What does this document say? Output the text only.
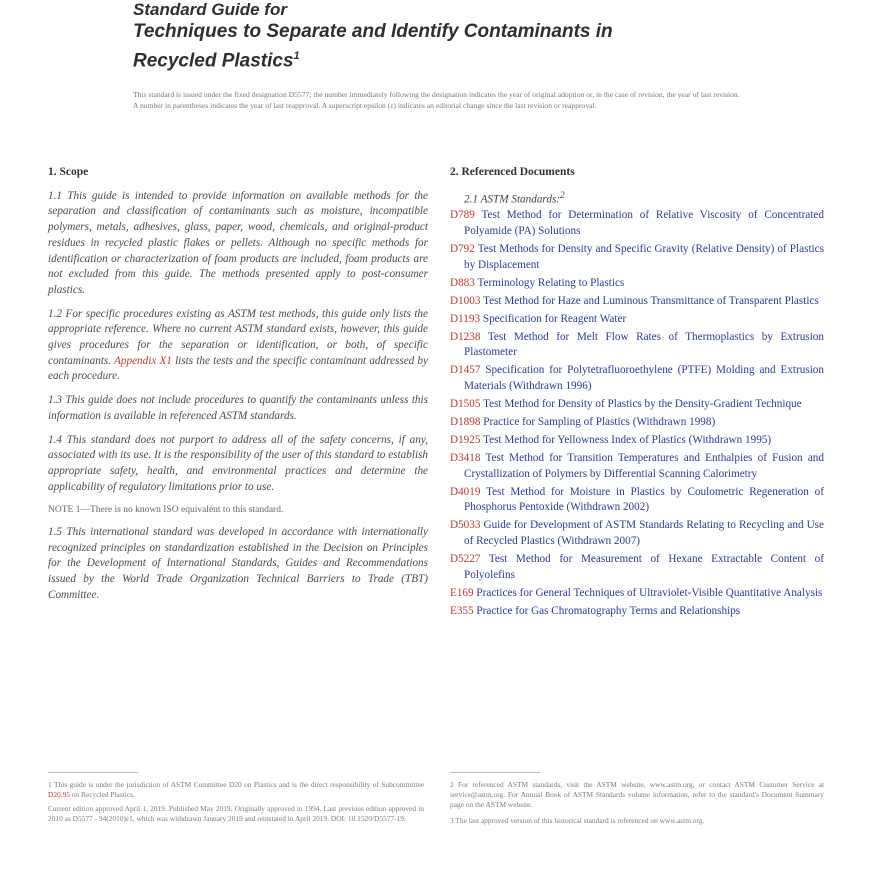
Standard Guide for
Techniques to Separate and Identify Contaminants in
Recycled Plastics$^1$
This standard is issued under the fixed designation D5577; the number immediately following the designation indicates the year of original adoption or, in the case of revision, the year of last revision. A number in parentheses indicates the year of last reapproval. A superscript epsilon (ε) indicates an editorial change since the last revision or reapproval.
1. Scope
1.1 This guide is intended to provide information on available methods for the separation and classification of contaminants such as moisture, incompatible polymers, metals, adhesives, glass, paper, wood, chemicals, and original-product residues in recycled plastic flakes or pellets. Although no specific methods for identification or characterization of foam products are included, foam products are not excluded from this guide. The methods presented apply to post-consumer plastics.
1.2 For specific procedures existing as ASTM test methods, this guide only lists the appropriate reference. Where no current ASTM standard exists, however, this guide gives procedures for the separation or identification, or both, of specific contaminants. Appendix X1 lists the tests and the specific contaminant addressed by each procedure.
1.3 This guide does not include procedures to quantify the contaminants unless this information is available in referenced ASTM standards.
1.4 This standard does not purport to address all of the safety concerns, if any, associated with its use. It is the responsibility of the user of this standard to establish appropriate safety, health, and environmental practices and determine the applicability of regulatory limitations prior to use.
NOTE 1—There is no known ISO equivalent to this standard.
1.5 This international standard was developed in accordance with internationally recognized principles on standardization established in the Decision on Principles for the Development of International Standards, Guides and Recommendations issued by the World Trade Organization Technical Barriers to Trade (TBT) Committee.
2. Referenced Documents
2.1 ASTM Standards:$^2$
D789 Test Method for Determination of Relative Viscosity of Concentrated Polyamide (PA) Solutions
D792 Test Methods for Density and Specific Gravity (Relative Density) of Plastics by Displacement
D883 Terminology Relating to Plastics
D1003 Test Method for Haze and Luminous Transmittance of Transparent Plastics
D1193 Specification for Reagent Water
D1238 Test Method for Melt Flow Rates of Thermoplastics by Extrusion Plastometer
D1457 Specification for Polytetrafluoroethylene (PTFE) Molding and Extrusion Materials (Withdrawn 1996)
D1505 Test Method for Density of Plastics by the Density-Gradient Technique
D1898 Practice for Sampling of Plastics (Withdrawn 1998)
D1925 Test Method for Yellowness Index of Plastics (Withdrawn 1995)
D3418 Test Method for Transition Temperatures and Enthalpies of Fusion and Crystallization of Polymers by Differential Scanning Calorimetry
D4019 Test Method for Moisture in Plastics by Coulometric Regeneration of Phosphorus Pentoxide (Withdrawn 2002)
D5033 Guide for Development of ASTM Standards Relating to Recycling and Use of Recycled Plastics (Withdrawn 2007)
D5227 Test Method for Measurement of Hexane Extractable Content of Polyolefins
E169 Practices for General Techniques of Ultraviolet-Visible Quantitative Analysis
E355 Practice for Gas Chromatography Terms and Relationships
1 This guide is under the jurisdiction of ASTM Committee D20 on Plastics and is the direct responsibility of Subcommittee D20.95 on Recycled Plastics.
Current edition approved April 1, 2019. Published May 2019. Originally approved in 1994. Last previous edition approved in 2010 as D5577 - 94(2010)ε1, which was withdrawn January 2019 and reinstated in April 2019. DOI: 10.1520/D5577-19.
2 For referenced ASTM standards, visit the ASTM website, www.astm.org, or contact ASTM Customer Service at service@astm.org. For Annual Book of ASTM Standards volume information, refer to the standard's Document Summary page on the ASTM website.
3 The last approved version of this historical standard is referenced on www.astm.org.
